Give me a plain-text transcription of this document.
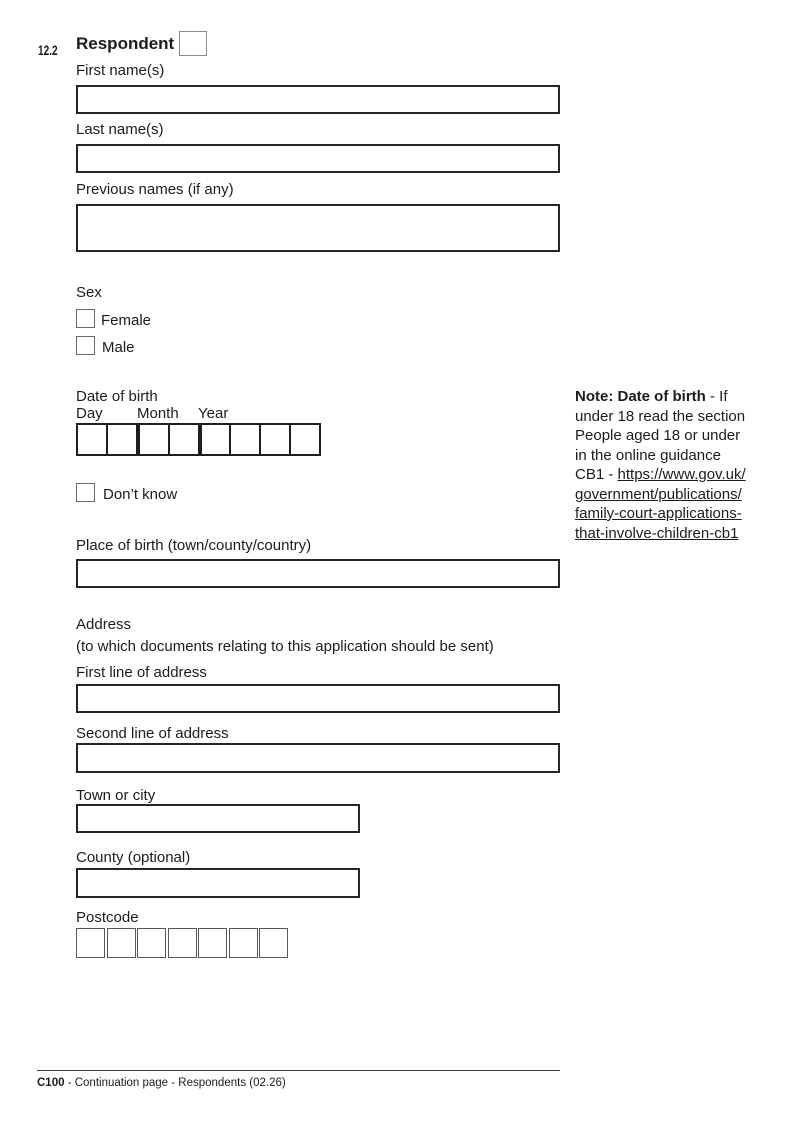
12.2 Respondent
First name(s)
Last name(s)
Previous names (if any)
Sex
Female
Male
Date of birth
Day	Month Year
Don’t know
Place of birth (town/county/country)
Address
(to which documents relating to this application should be sent)
First line of address
Second line of address
Town or city
County (optional)
Postcode
Note: Date of birth - If
under 18 read the section
People aged 18 or under
in the online guidance
CB1 - https://www.gov.uk/
government/publications/
family-court-applications-
that-involve-children-cb1
C100 - Continuation page - Respondents (02.26)
